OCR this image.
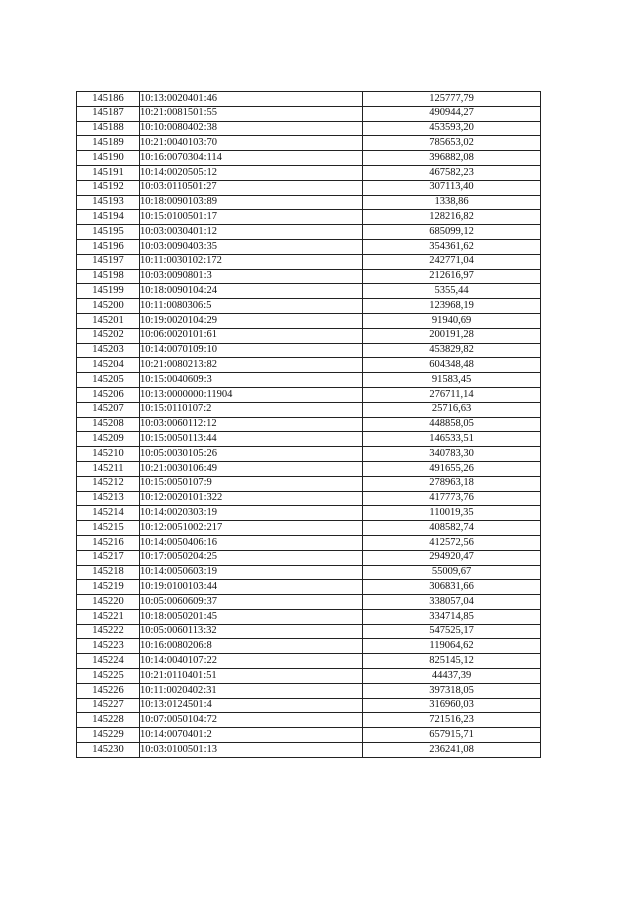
145186	10:13:0020401:46	125777,79
145187	10:21:0081501:55	490944,27
145188	10:10:0080402:38	453593,20
145189	10:21:0040103:70	785653,02
145190	10:16:0070304:114	396882,08
145191	10:14:0020505:12	467582,23
145192	10:03:0110501:27	307113,40
145193	10:18:0090103:89	1338,86
145194	10:15:0100501:17	128216,82
145195	10:03:0030401:12	685099,12
145196	10:03:0090403:35	354361,62
145197	10:11:0030102:172	242771,04
145198	10:03:0090801:3	212616,97
145199	10:18:0090104:24	5355,44
145200	10:11:0080306:5	123968,19
145201	10:19:0020104:29	91940,69
145202	10:06:0020101:61	200191,28
145203	10:14:0070109:10	453829,82
145204	10:21:0080213:82	604348,48
145205	10:15:0040609:3	91583,45
145206	10:13:0000000:11904	276711,14
145207	10:15:0110107:2	25716,63
145208	10:03:0060112:12	448858,05
145209	10:15:0050113:44	146533,51
145210	10:05:0030105:26	340783,30
145211	10:21:0030106:49	491655,26
145212	10:15:0050107:9	278963,18
145213	10:12:0020101:322	417773,76
145214	10:14:0020303:19	110019,35
145215	10:12:0051002:217	408582,74
145216	10:14:0050406:16	412572,56
145217	10:17:0050204:25	294920,47
145218	10:14:0050603:19	55009,67
145219	10:19:0100103:44	306831,66
145220	10:05:0060609:37	338057,04
145221	10:18:0050201:45	334714,85
145222	10:05:0060113:32	547525,17
145223	10:16:0080206:8	119064,62
145224	10:14:0040107:22	825145,12
145225	10:21:0110401:51	44437,39
145226	10:11:0020402:31	397318,05
145227	10:13:0124501:4	316960,03
145228	10:07:0050104:72	721516,23
145229	10:14:0070401:2	657915,71
145230	10:03:0100501:13	236241,08
